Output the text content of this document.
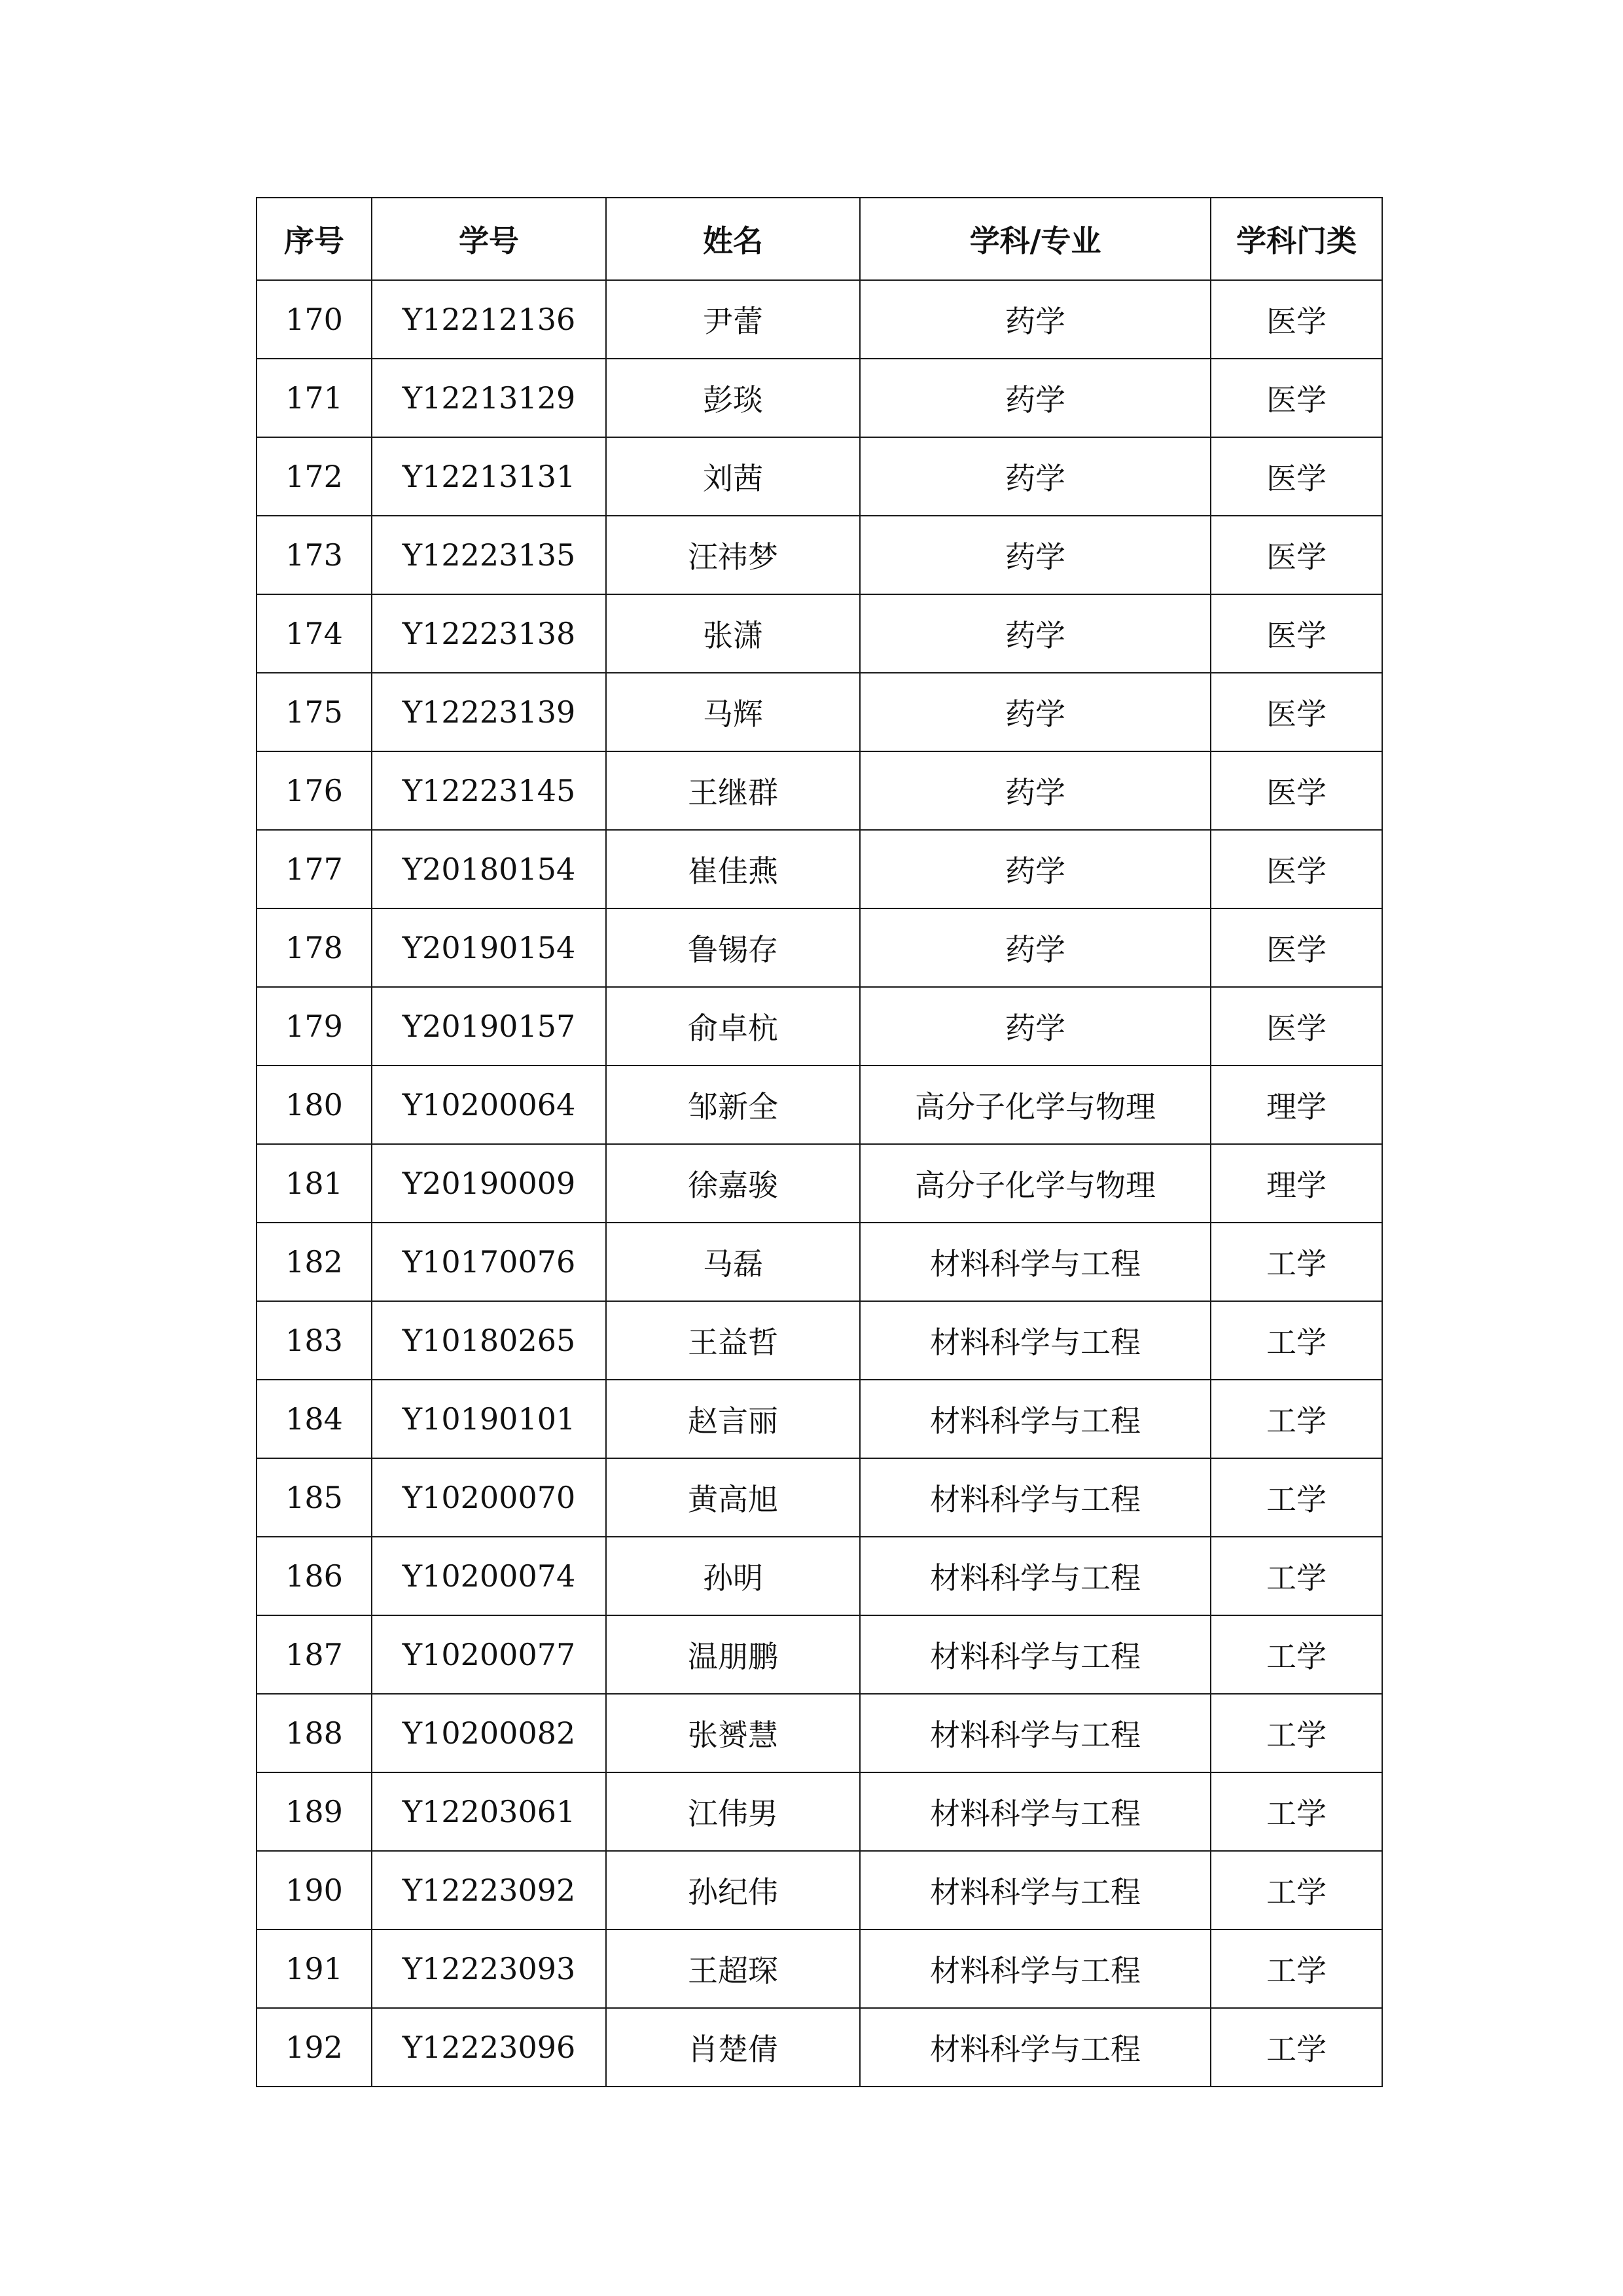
序号	学号	姓名	学科/专业	学科门类
170	Y12212136	尹蕾	药学	医学
171	Y12213129	彭琰	药学	医学
172	Y12213131	刘茜	药学	医学
173	Y12223135	汪祎梦	药学	医学
174	Y12223138	张潇	药学	医学
175	Y12223139	马辉	药学	医学
176	Y12223145	王继群	药学	医学
177	Y20180154	崔佳燕	药学	医学
178	Y20190154	鲁锡存	药学	医学
179	Y20190157	俞卓杭	药学	医学
180	Y10200064	邹新全	高分子化学与物理	理学
181	Y20190009	徐嘉骏	高分子化学与物理	理学
182	Y10170076	马磊	材料科学与工程	工学
183	Y10180265	王益哲	材料科学与工程	工学
184	Y10190101	赵言丽	材料科学与工程	工学
185	Y10200070	黄高旭	材料科学与工程	工学
186	Y10200074	孙明	材料科学与工程	工学
187	Y10200077	温朋鹏	材料科学与工程	工学
188	Y10200082	张赟慧	材料科学与工程	工学
189	Y12203061	江伟男	材料科学与工程	工学
190	Y12223092	孙纪伟	材料科学与工程	工学
191	Y12223093	王超琛	材料科学与工程	工学
192	Y12223096	肖楚倩	材料科学与工程	工学
